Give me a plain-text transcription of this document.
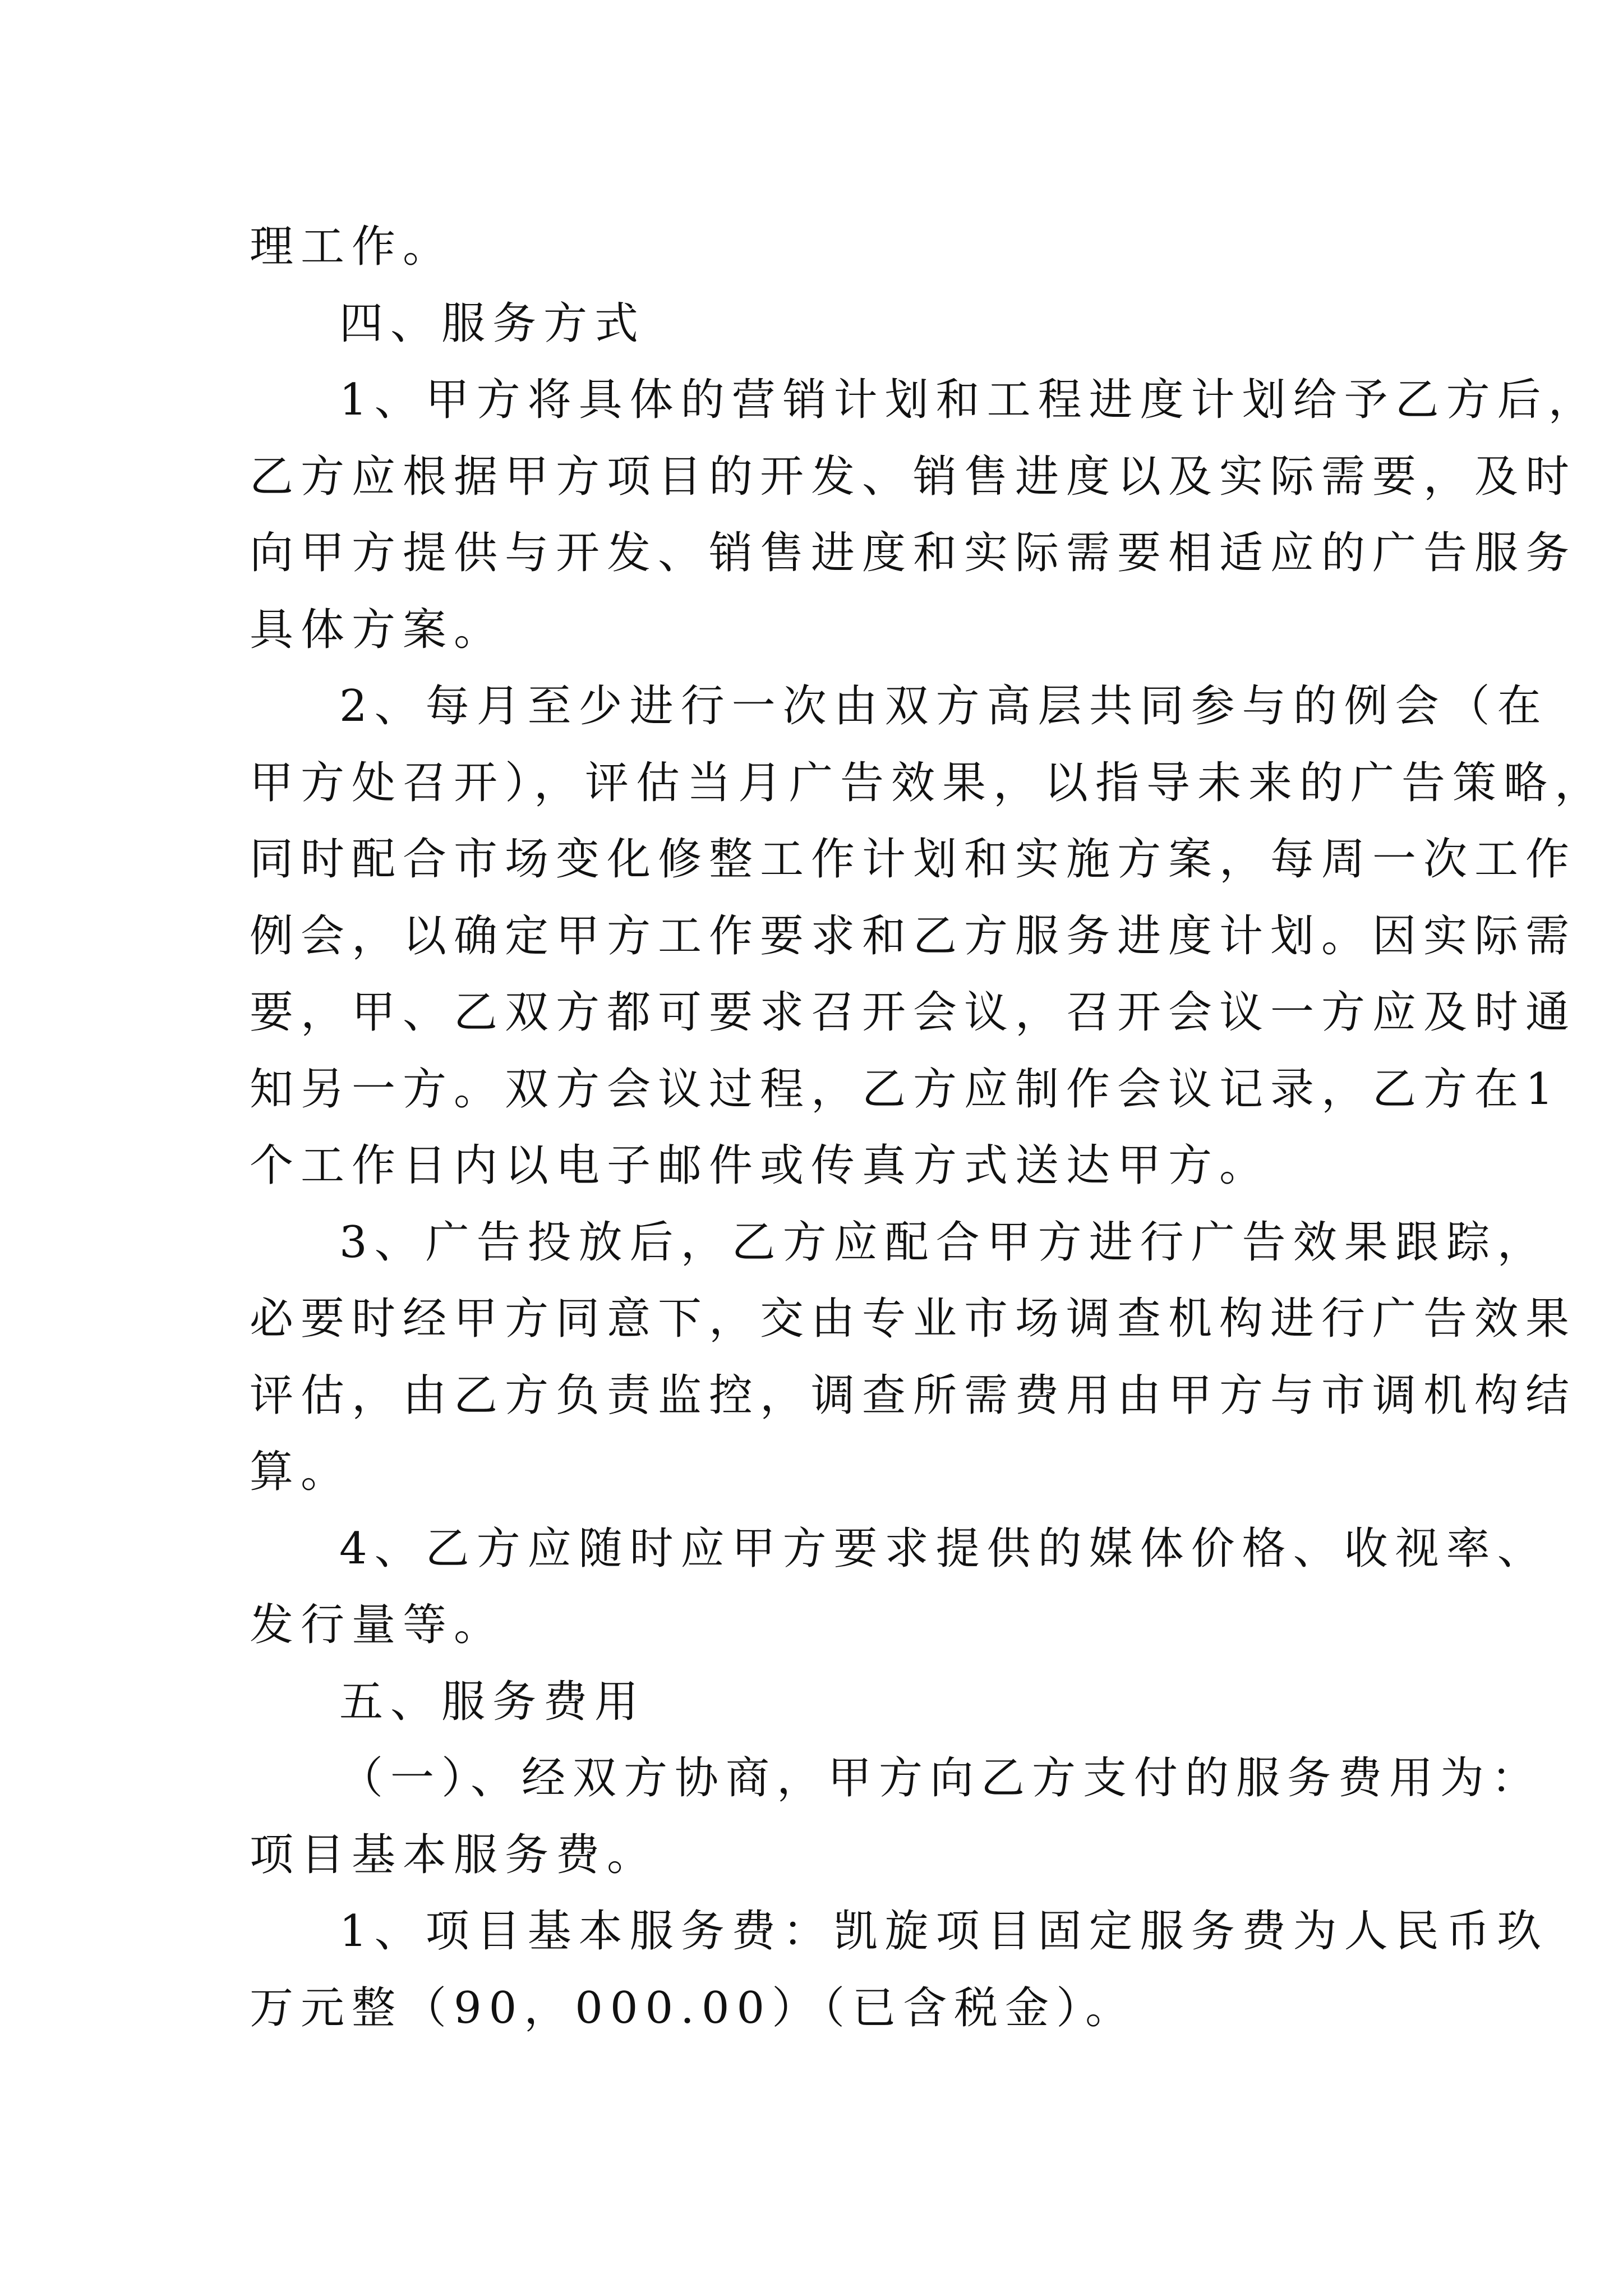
理工作。
四、服务方式
1、甲方将具体的营销计划和工程进度计划给予乙方后，
乙方应根据甲方项目的开发、销售进度以及实际需要，及时
向甲方提供与开发、销售进度和实际需要相适应的广告服务
具体方案。
2、每月至少进行一次由双方高层共同参与的例会（在
甲方处召开），评估当月广告效果，以指导未来的广告策略，
同时配合市场变化修整工作计划和实施方案，每周一次工作
例会，以确定甲方工作要求和乙方服务进度计划。因实际需
要，甲、乙双方都可要求召开会议，召开会议一方应及时通
知另一方。双方会议过程，乙方应制作会议记录，乙方在1
个工作日内以电子邮件或传真方式送达甲方。
3、广告投放后，乙方应配合甲方进行广告效果跟踪，
必要时经甲方同意下，交由专业市场调查机构进行广告效果
评估，由乙方负责监控，调查所需费用由甲方与市调机构结
算。
4、乙方应随时应甲方要求提供的媒体价格、收视率、
发行量等。
五、服务费用
（一）、经双方协商，甲方向乙方支付的服务费用为：
项目基本服务费。
1、项目基本服务费：凯旋项目固定服务费为人民币玖
万元整（90，000.00）（已含税金）。
